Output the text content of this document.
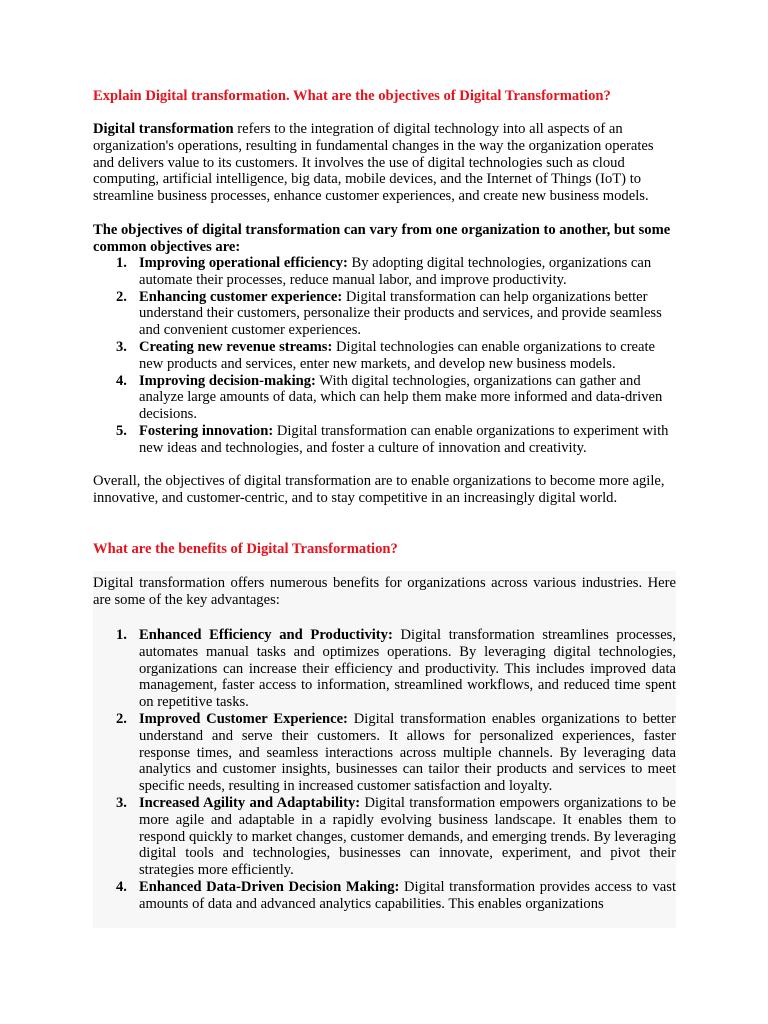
Explain Digital transformation. What are the objectives of Digital Transformation?

Digital transformation refers to the integration of digital technology into all aspects of an organization's operations, resulting in fundamental changes in the way the organization operates and delivers value to its customers. It involves the use of digital technologies such as cloud computing, artificial intelligence, big data, mobile devices, and the Internet of Things (IoT) to streamline business processes, enhance customer experiences, and create new business models.

The objectives of digital transformation can vary from one organization to another, but some common objectives are:

1. Improving operational efficiency: By adopting digital technologies, organizations can automate their processes, reduce manual labor, and improve productivity.
2. Enhancing customer experience: Digital transformation can help organizations better understand their customers, personalize their products and services, and provide seamless and convenient customer experiences.
3. Creating new revenue streams: Digital technologies can enable organizations to create new products and services, enter new markets, and develop new business models.
4. Improving decision-making: With digital technologies, organizations can gather and analyze large amounts of data, which can help them make more informed and data-driven decisions.
5. Fostering innovation: Digital transformation can enable organizations to experiment with new ideas and technologies, and foster a culture of innovation and creativity.

Overall, the objectives of digital transformation are to enable organizations to become more agile, innovative, and customer-centric, and to stay competitive in an increasingly digital world.

What are the benefits of Digital Transformation?

Digital transformation offers numerous benefits for organizations across various industries. Here are some of the key advantages:

1. Enhanced Efficiency and Productivity: Digital transformation streamlines processes, automates manual tasks and optimizes operations. By leveraging digital technologies, organizations can increase their efficiency and productivity. This includes improved data management, faster access to information, streamlined workflows, and reduced time spent on repetitive tasks.
2. Improved Customer Experience: Digital transformation enables organizations to better understand and serve their customers. It allows for personalized experiences, faster response times, and seamless interactions across multiple channels. By leveraging data analytics and customer insights, businesses can tailor their products and services to meet specific needs, resulting in increased customer satisfaction and loyalty.
3. Increased Agility and Adaptability: Digital transformation empowers organizations to be more agile and adaptable in a rapidly evolving business landscape. It enables them to respond quickly to market changes, customer demands, and emerging trends. By leveraging digital tools and technologies, businesses can innovate, experiment, and pivot their strategies more efficiently.
4. Enhanced Data-Driven Decision Making: Digital transformation provides access to vast amounts of data and advanced analytics capabilities. This enables organizations
